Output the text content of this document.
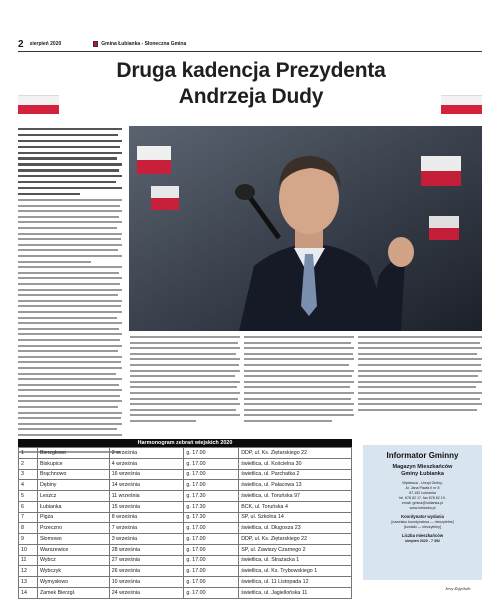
2 sierpień 2020	Gmina Łubianka - Słoneczna Gmina
Druga kadencja Prezydenta
Andrzeja Dudy
Harmonogram zebrań wiejskich 2020
1	Bierzgłowo	2 września	g. 17.00	DDP, ul. Ks. Ziętarskiego 22
2	Biskupice	4 września	g. 17.00	świetlica, ul. Kościelna 30
3	Brąchnowo	16 września	g. 17.00	świetlica, ul. Parchatka 2
4	Dębiny	14 września	g. 17.00	świetlica, ul. Pałacowa 13
5	Leszcz	11 września	g. 17.30	świetlica, ul. Toruńska 97
6	Łubianka	15 września	g. 17.30	BCK, ul. Toruńska 4
7	Pigża	8 września	g. 17.30	SP, ul. Szkolna 14
8	Przeczno	7 września	g. 17.00	świetlica, ul. Długosza 23
9	Słomowo	3 września	g. 17.00	DDP, ul. Ks. Ziętarskiego 22
10	Warszewice	28 września	g. 17.00	SP, ul. Zawiszy Czarnego 2
11	Wybcz	27 września	g. 17.00	świetlica, ul. Strażacka 1
12	Wybczyk	26 września	g. 17.00	świetlica, ul. Ks. Trybowskiego 1
13	Wymysłowo	10 września	g. 17.00	świetlica, ul. 11 Listopada 12
14	Zamek Bierzgł.	24 września	g. 17.00	świetlica, ul. Jagiellońska 11
Informator Gminny
Magazyn Mieszkańców
Gminy Łubianka
Wydawca - Urząd Gminy,
Al. Jana Pawła II nr 8
87-152 Łubianka
tel. 678 82 17, fax 678 82 19,
email: gmina@lubianka.pl
www.lubianka.pl
Koordynator wydania
[nazwisko koordynatora — nieczytelne]
[kontakt — nieczytelny]
Liczba mieszkańców
sierpień 2020 - 7 392
Jerzy Zajęchuła
